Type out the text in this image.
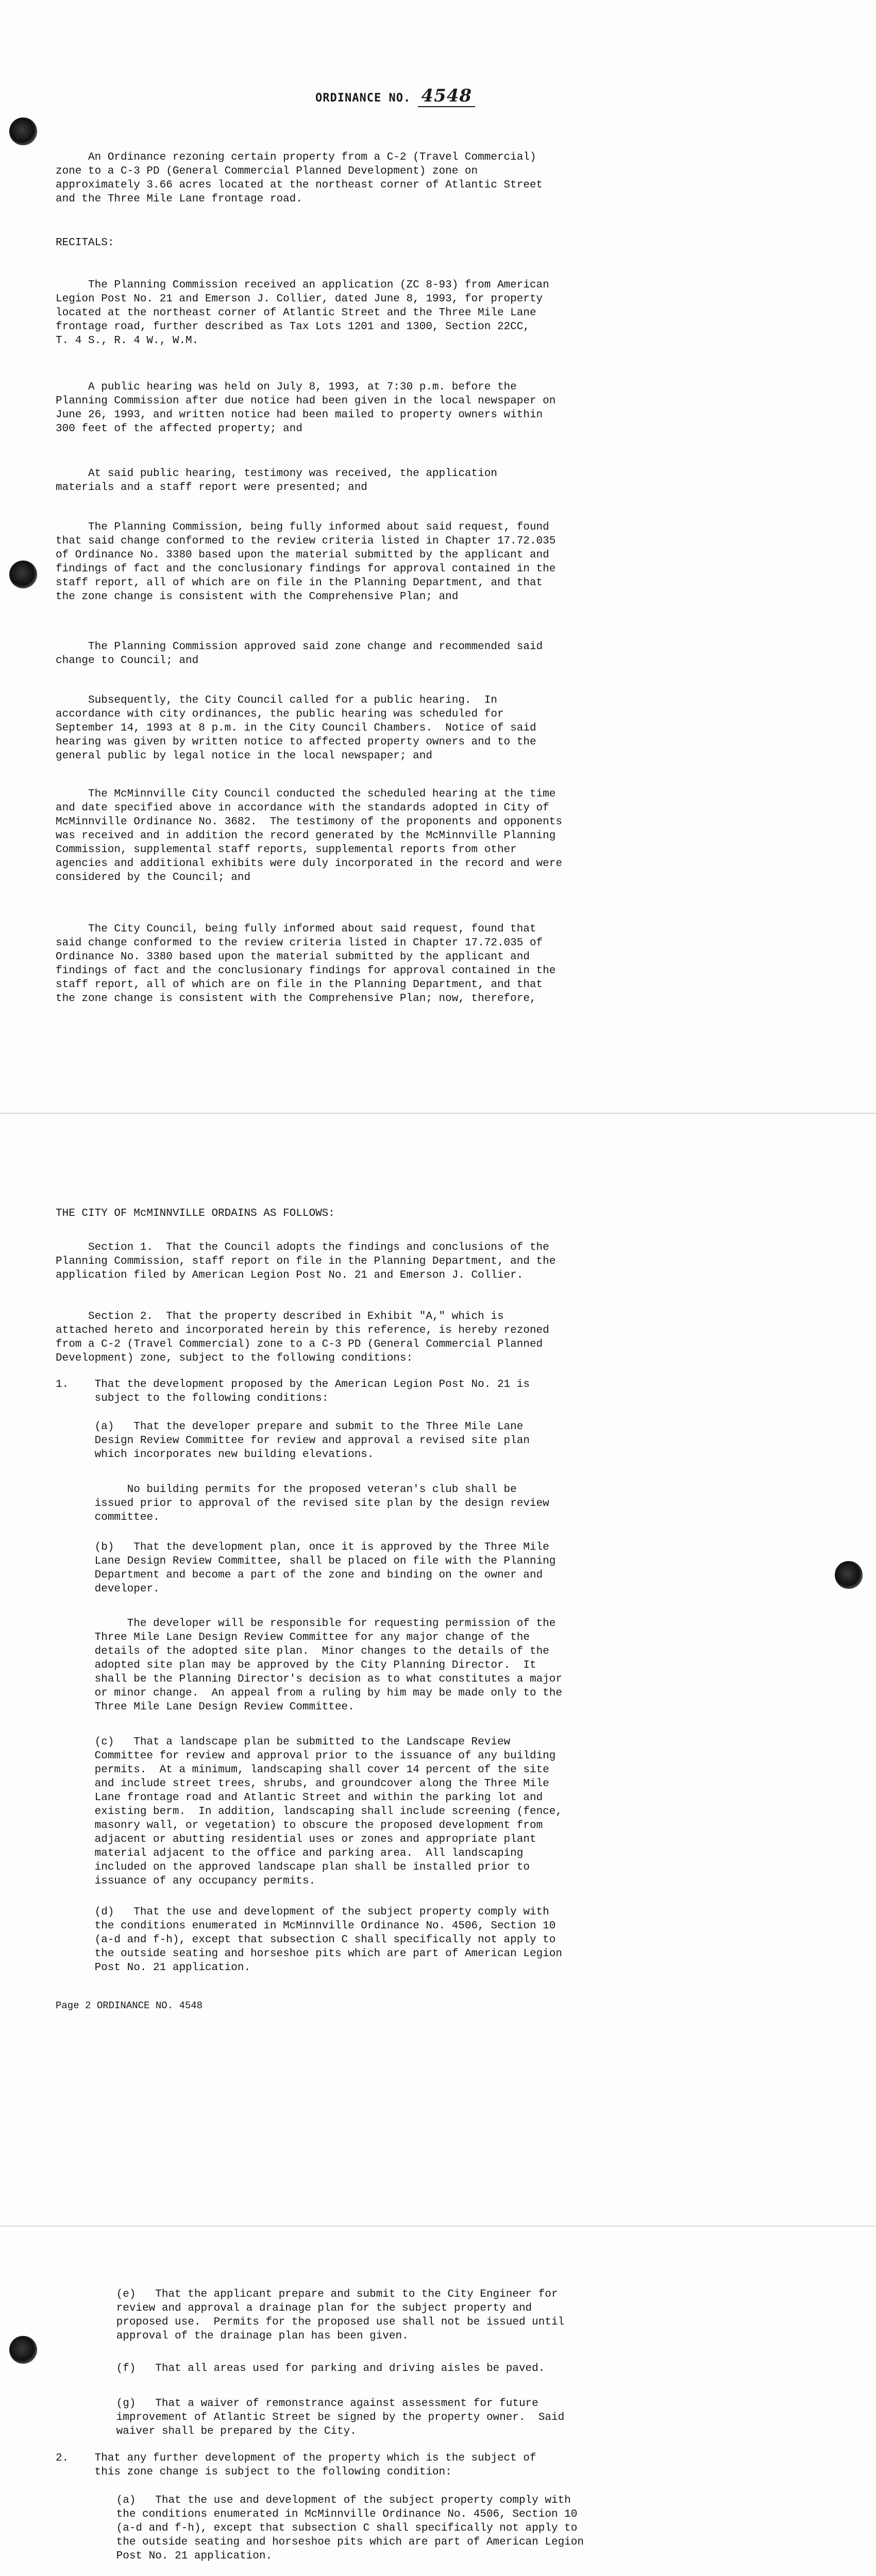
ORDINANCE NO. 4548
An Ordinance rezoning certain property from a C-2 (Travel Commercial)
zone to a C-3 PD (General Commercial Planned Development) zone on
approximately 3.66 acres located at the northeast corner of Atlantic Street
and the Three Mile Lane frontage road.
RECITALS:
The Planning Commission received an application (ZC 8-93) from American
Legion Post No. 21 and Emerson J. Collier, dated June 8, 1993, for property
located at the northeast corner of Atlantic Street and the Three Mile Lane
frontage road, further described as Tax Lots 1201 and 1300, Section 22CC,
T. 4 S., R. 4 W., W.M.
A public hearing was held on July 8, 1993, at 7:30 p.m. before the
Planning Commission after due notice had been given in the local newspaper on
June 26, 1993, and written notice had been mailed to property owners within
300 feet of the affected property; and
At said public hearing, testimony was received, the application
materials and a staff report were presented; and
The Planning Commission, being fully informed about said request, found
that said change conformed to the review criteria listed in Chapter 17.72.035
of Ordinance No. 3380 based upon the material submitted by the applicant and
findings of fact and the conclusionary findings for approval contained in the
staff report, all of which are on file in the Planning Department, and that
the zone change is consistent with the Comprehensive Plan; and
The Planning Commission approved said zone change and recommended said
change to Council; and
Subsequently, the City Council called for a public hearing.  In
accordance with city ordinances, the public hearing was scheduled for
September 14, 1993 at 8 p.m. in the City Council Chambers.  Notice of said
hearing was given by written notice to affected property owners and to the
general public by legal notice in the local newspaper; and
The McMinnville City Council conducted the scheduled hearing at the time
and date specified above in accordance with the standards adopted in City of
McMinnville Ordinance No. 3682.  The testimony of the proponents and opponents
was received and in addition the record generated by the McMinnville Planning
Commission, supplemental staff reports, supplemental reports from other
agencies and additional exhibits were duly incorporated in the record and were
considered by the Council; and
The City Council, being fully informed about said request, found that
said change conformed to the review criteria listed in Chapter 17.72.035 of
Ordinance No. 3380 based upon the material submitted by the applicant and
findings of fact and the conclusionary findings for approval contained in the
staff report, all of which are on file in the Planning Department, and that
the zone change is consistent with the Comprehensive Plan; now, therefore,
THE CITY OF McMINNVILLE ORDAINS AS FOLLOWS:
Section 1.  That the Council adopts the findings and conclusions of the
Planning Commission, staff report on file in the Planning Department, and the
application filed by American Legion Post No. 21 and Emerson J. Collier.
Section 2.  That the property described in Exhibit "A," which is
attached hereto and incorporated herein by this reference, is hereby rezoned
from a C-2 (Travel Commercial) zone to a C-3 PD (General Commercial Planned
Development) zone, subject to the following conditions:
1.    That the development proposed by the American Legion Post No. 21 is
subject to the following conditions:
(a)   That the developer prepare and submit to the Three Mile Lane
Design Review Committee for review and approval a revised site plan
which incorporates new building elevations.
No building permits for the proposed veteran's club shall be
issued prior to approval of the revised site plan by the design review
committee.
(b)   That the development plan, once it is approved by the Three Mile
Lane Design Review Committee, shall be placed on file with the Planning
Department and become a part of the zone and binding on the owner and
developer.
The developer will be responsible for requesting permission of the
Three Mile Lane Design Review Committee for any major change of the
details of the adopted site plan.  Minor changes to the details of the
adopted site plan may be approved by the City Planning Director.  It
shall be the Planning Director's decision as to what constitutes a major
or minor change.  An appeal from a ruling by him may be made only to the
Three Mile Lane Design Review Committee.
(c)   That a landscape plan be submitted to the Landscape Review
Committee for review and approval prior to the issuance of any building
permits.  At a minimum, landscaping shall cover 14 percent of the site
and include street trees, shrubs, and groundcover along the Three Mile
Lane frontage road and Atlantic Street and within the parking lot and
existing berm.  In addition, landscaping shall include screening (fence,
masonry wall, or vegetation) to obscure the proposed development from
adjacent or abutting residential uses or zones and appropriate plant
material adjacent to the office and parking area.  All landscaping
included on the approved landscape plan shall be installed prior to
issuance of any occupancy permits.
(d)   That the use and development of the subject property comply with
the conditions enumerated in McMinnville Ordinance No. 4506, Section 10
(a-d and f-h), except that subsection C shall specifically not apply to
the outside seating and horseshoe pits which are part of American Legion
Post No. 21 application.
Page 2 ORDINANCE NO. 4548
(e)   That the applicant prepare and submit to the City Engineer for
review and approval a drainage plan for the subject property and
proposed use.  Permits for the proposed use shall not be issued until
approval of the drainage plan has been given.
(f)   That all areas used for parking and driving aisles be paved.
(g)   That a waiver of remonstrance against assessment for future
improvement of Atlantic Street be signed by the property owner.  Said
waiver shall be prepared by the City.
2.    That any further development of the property which is the subject of
this zone change is subject to the following condition:
(a)   That the use and development of the subject property comply with
the conditions enumerated in McMinnville Ordinance No. 4506, Section 10
(a-d and f-h), except that subsection C shall specifically not apply to
the outside seating and horseshoe pits which are part of American Legion
Post No. 21 application.
